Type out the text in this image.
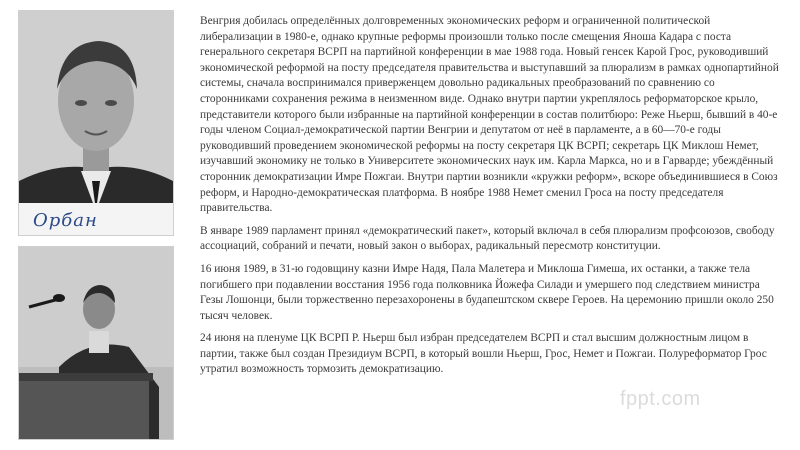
Орбан

Венгрия добилась определённых долговременных экономических реформ и ограниченной политической либерализации в 1980-е, однако крупные реформы произошли только после смещения Яноша Кадара с поста генерального секретаря ВСРП на партийной конференции в мае 1988 года. Новый генсек Карой Грос, руководивший экономической реформой на посту председателя правительства и выступавший за плюрализм в рамках однопартийной системы, сначала воспринимался приверженцем довольно радикальных преобразований по сравнению со сторонниками сохранения режима в неизменном виде. Однако внутри партии укреплялось реформаторское крыло, представители которого были избранные на партийной конференции в состав политбюро: Реже Ньерш, бывший в 40-е годы членом Социал-демократической партии Венгрии и депутатом от неё в парламенте, а в 60—70-е годы руководивший проведением экономической реформы на посту секретаря ЦК ВСРП; секретарь ЦК Миклош Немет, изучавший экономику не только в Университете экономических наук им. Карла Маркса, но и в Гарварде; убеждённый сторонник демократизации Имре Пожгаи. Внутри партии возникли «кружки реформ», вскоре объединившиеся в Союз реформ, и Народно-демократическая платформа. В ноябре 1988 Немет сменил Гроса на посту председателя правительства.

В январе 1989 парламент принял «демократический пакет», который включал в себя плюрализм профсоюзов, свободу ассоциаций, собраний и печати, новый закон о выборах, радикальный пересмотр конституции.

16 июня 1989, в 31-ю годовщину казни Имре Надя, Пала Малетера и Миклоша Гимеша, их останки, а также тела погибшего при подавлении восстания 1956 года полковника Йожефа Силади и умершего под следствием министра Гезы Лошонци, были торжественно перезахоронены в будапештском сквере Героев. На церемонию пришли около 250 тысяч человек.

24 июня на пленуме ЦК ВСРП Р. Ньерш был избран председателем ВСРП и стал высшим должностным лицом в партии, также был создан Президиум ВСРП, в который вошли Ньерш, Грос, Немет и Пожгаи. Полуреформатор Грос утратил возможность тормозить демократизацию.

fppt.com
